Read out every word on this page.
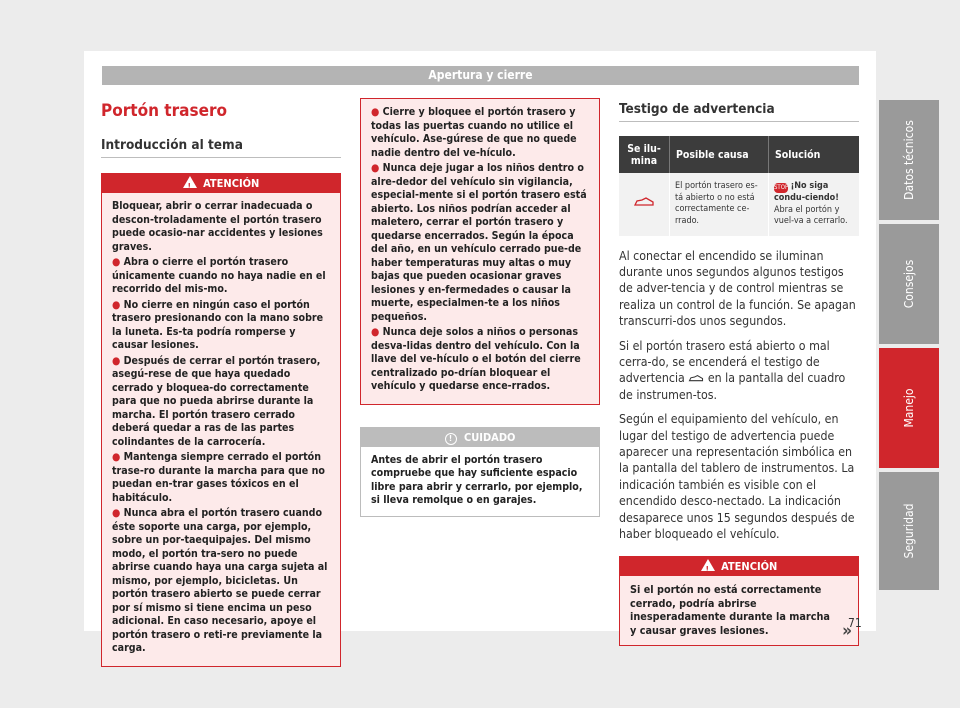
Apertura y cierre
Portón trasero
Introducción al tema
! ATENCIÓN

Bloquear, abrir o cerrar inadecuada o descon-troladamente el portón trasero puede ocasio-nar accidentes y lesiones graves.

● Abra o cierre el portón trasero únicamente cuando no haya nadie en el recorrido del mis-mo.

● No cierre en ningún caso el portón trasero presionando con la mano sobre la luneta. Es-ta podría romperse y causar lesiones.

● Después de cerrar el portón trasero, asegú-rese de que haya quedado cerrado y bloquea-do correctamente para que no pueda abrirse durante la marcha. El portón trasero cerrado deberá quedar a ras de las partes colindantes de la carrocería.

● Mantenga siempre cerrado el portón trase-ro durante la marcha para que no puedan en-trar gases tóxicos en el habitáculo.

● Nunca abra el portón trasero cuando éste soporte una carga, por ejemplo, sobre un por-taequipajes. Del mismo modo, el portón tra-sero no puede abrirse cuando haya una carga sujeta al mismo, por ejemplo, bicicletas. Un portón trasero abierto se puede cerrar por sí mismo si tiene encima un peso adicional. En caso necesario, apoye el portón trasero o reti-re previamente la carga.

● Cierre y bloquee el portón trasero y todas las puertas cuando no utilice el vehículo. Ase-gúrese de que no quede nadie dentro del ve-hículo.

● Nunca deje jugar a los niños dentro o alre-dedor del vehículo sin vigilancia, especial-mente si el portón trasero está abierto. Los niños podrían acceder al maletero, cerrar el portón trasero y quedarse encerrados. Según la época del año, en un vehículo cerrado pue-de haber temperaturas muy altas o muy bajas que pueden ocasionar graves lesiones y en-fermedades o causar la muerte, especialmen-te a los niños pequeños.

● Nunca deje solos a niños o personas desva-lidas dentro del vehículo. Con la llave del ve-hículo o el botón del cierre centralizado po-drían bloquear el vehículo y quedarse ence-rrados.

! CUIDADO
Antes de abrir el portón trasero compruebe que hay suficiente espacio libre para abrir y cerrarlo, por ejemplo, si lleva remolque o en garajes.
Testigo de advertencia
Se ilu-mina	Posible causa	Solución
	El portón trasero es-tá abierto o no está correctamente ce-rrado.	STOP ¡No siga condu-ciendo!
Abra el portón y vuel-va a cerrarlo.

Al conectar el encendido se iluminan durante unos segundos algunos testigos de adver-tencia y de control mientras se realiza un control de la función. Se apagan transcurri-dos unos segundos.

Si el portón trasero está abierto o mal cerra-do, se encenderá el testigo de advertencia en la pantalla del cuadro de instrumen-tos.

Según el equipamiento del vehículo, en lugar del testigo de advertencia puede aparecer una representación simbólica en la pantalla del tablero de instrumentos. La indicación también es visible con el encendido desco-nectado. La indicación desaparece unos 15 segundos después de haber bloqueado el vehículo.

! ATENCIÓN
Si el portón no está correctamente cerrado, podría abrirse inesperadamente durante la marcha y causar graves lesiones.	»
Datos técnicos
Consejos
Manejo
Seguridad
71
